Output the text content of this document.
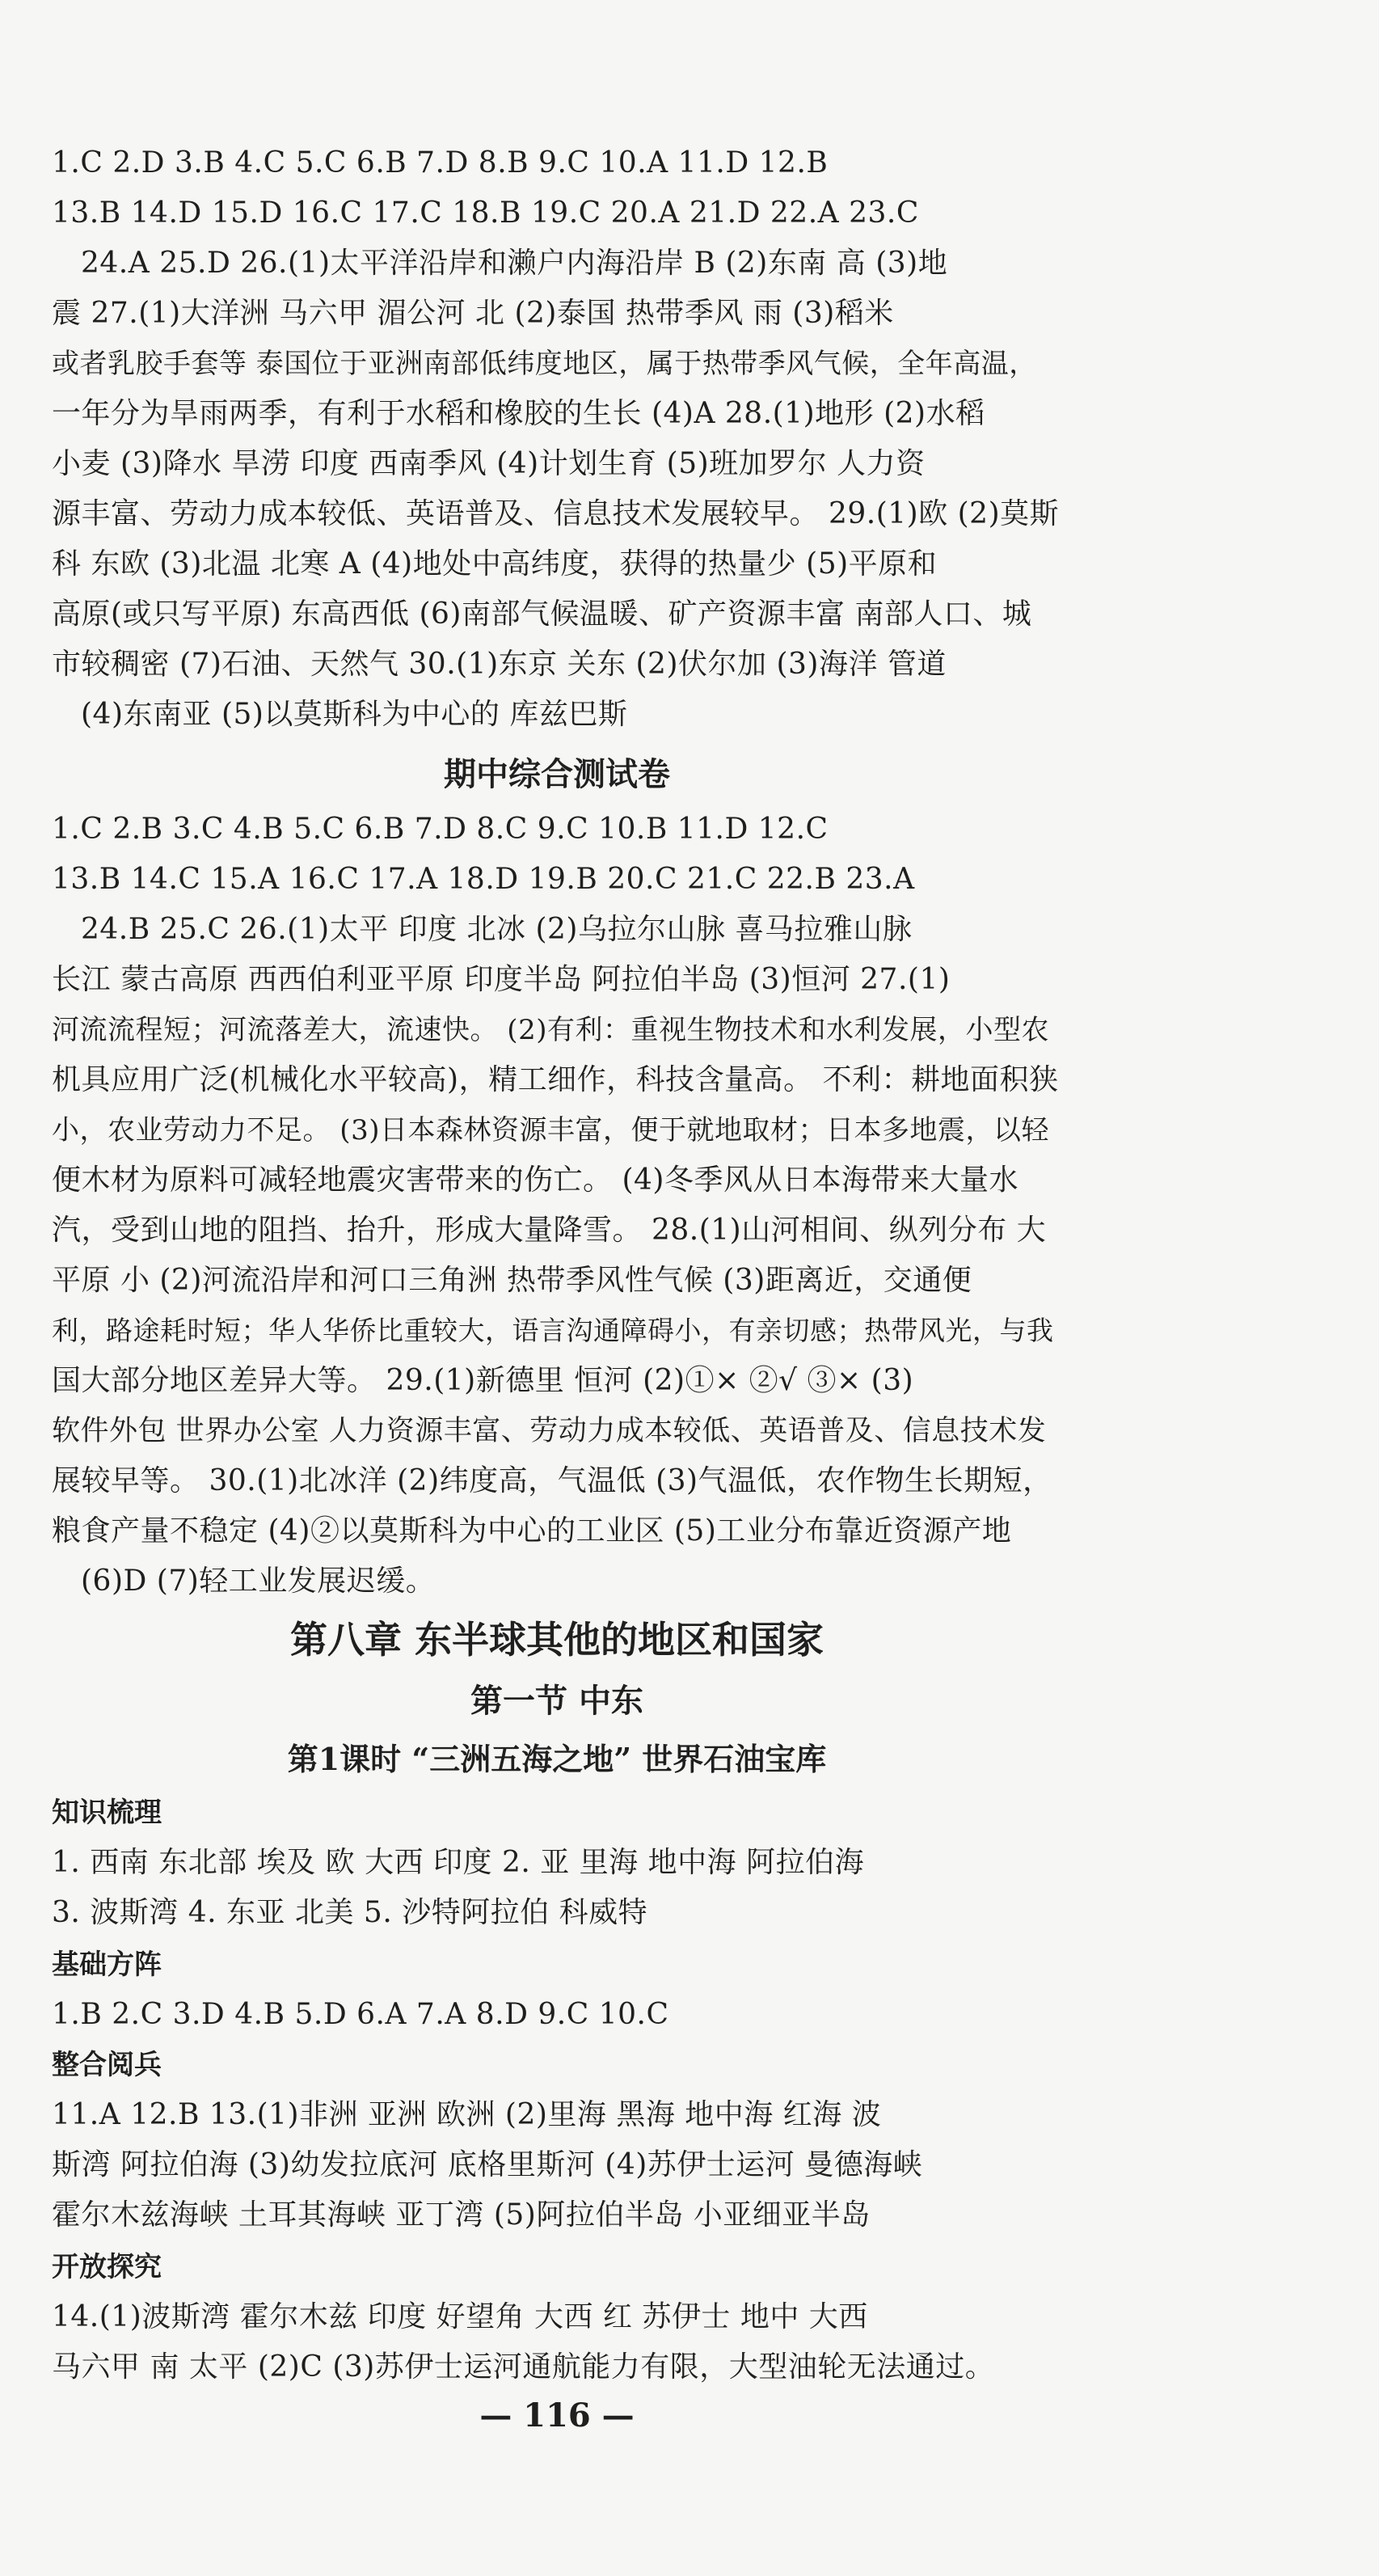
1.C 2.D 3.B 4.C 5.C 6.B 7.D 8.B 9.C 10.A 11.D 12.B
13.B 14.D 15.D 16.C 17.C 18.B 19.C 20.A 21.D 22.A 23.C
24.A 25.D 26.(1)太平洋沿岸和濑户内海沿岸 B (2)东南 高 (3)地
震 27.(1)大洋洲 马六甲 湄公河 北 (2)泰国 热带季风 雨 (3)稻米
或者乳胶手套等 泰国位于亚洲南部低纬度地区，属于热带季风气候，全年高温，
一年分为旱雨两季，有利于水稻和橡胶的生长 (4)A 28.(1)地形 (2)水稻
小麦 (3)降水 旱涝 印度 西南季风 (4)计划生育 (5)班加罗尔 人力资
源丰富、劳动力成本较低、英语普及、信息技术发展较早。 29.(1)欧 (2)莫斯
科 东欧 (3)北温 北寒 A (4)地处中高纬度，获得的热量少 (5)平原和
高原(或只写平原) 东高西低 (6)南部气候温暖、矿产资源丰富 南部人口、城
市较稠密 (7)石油、天然气 30.(1)东京 关东 (2)伏尔加 (3)海洋 管道
(4)东南亚 (5)以莫斯科为中心的 库兹巴斯
期中综合测试卷
1.C 2.B 3.C 4.B 5.C 6.B 7.D 8.C 9.C 10.B 11.D 12.C
13.B 14.C 15.A 16.C 17.A 18.D 19.B 20.C 21.C 22.B 23.A
24.B 25.C 26.(1)太平 印度 北冰 (2)乌拉尔山脉 喜马拉雅山脉
长江 蒙古高原 西西伯利亚平原 印度半岛 阿拉伯半岛 (3)恒河 27.(1)
河流流程短；河流落差大，流速快。 (2)有利：重视生物技术和水利发展，小型农
机具应用广泛(机械化水平较高)，精工细作，科技含量高。 不利：耕地面积狭
小，农业劳动力不足。 (3)日本森林资源丰富，便于就地取材；日本多地震，以轻
便木材为原料可减轻地震灾害带来的伤亡。 (4)冬季风从日本海带来大量水
汽，受到山地的阻挡、抬升，形成大量降雪。 28.(1)山河相间、纵列分布 大
平原 小 (2)河流沿岸和河口三角洲 热带季风性气候 (3)距离近，交通便
利，路途耗时短；华人华侨比重较大，语言沟通障碍小，有亲切感；热带风光，与我
国大部分地区差异大等。 29.(1)新德里 恒河 (2)①× ②√ ③× (3)
软件外包 世界办公室 人力资源丰富、劳动力成本较低、英语普及、信息技术发
展较早等。 30.(1)北冰洋 (2)纬度高，气温低 (3)气温低，农作物生长期短，
粮食产量不稳定 (4)②以莫斯科为中心的工业区 (5)工业分布靠近资源产地
(6)D (7)轻工业发展迟缓。
第八章 东半球其他的地区和国家
第一节 中东
第1课时 “三洲五海之地” 世界石油宝库
知识梳理
1. 西南 东北部 埃及 欧 大西 印度 2. 亚 里海 地中海 阿拉伯海
3. 波斯湾 4. 东亚 北美 5. 沙特阿拉伯 科威特
基础方阵
1.B 2.C 3.D 4.B 5.D 6.A 7.A 8.D 9.C 10.C
整合阅兵
11.A 12.B 13.(1)非洲 亚洲 欧洲 (2)里海 黑海 地中海 红海 波
斯湾 阿拉伯海 (3)幼发拉底河 底格里斯河 (4)苏伊士运河 曼德海峡
霍尔木兹海峡 土耳其海峡 亚丁湾 (5)阿拉伯半岛 小亚细亚半岛
开放探究
14.(1)波斯湾 霍尔木兹 印度 好望角 大西 红 苏伊士 地中 大西
马六甲 南 太平 (2)C (3)苏伊士运河通航能力有限，大型油轮无法通过。
— 116 —
